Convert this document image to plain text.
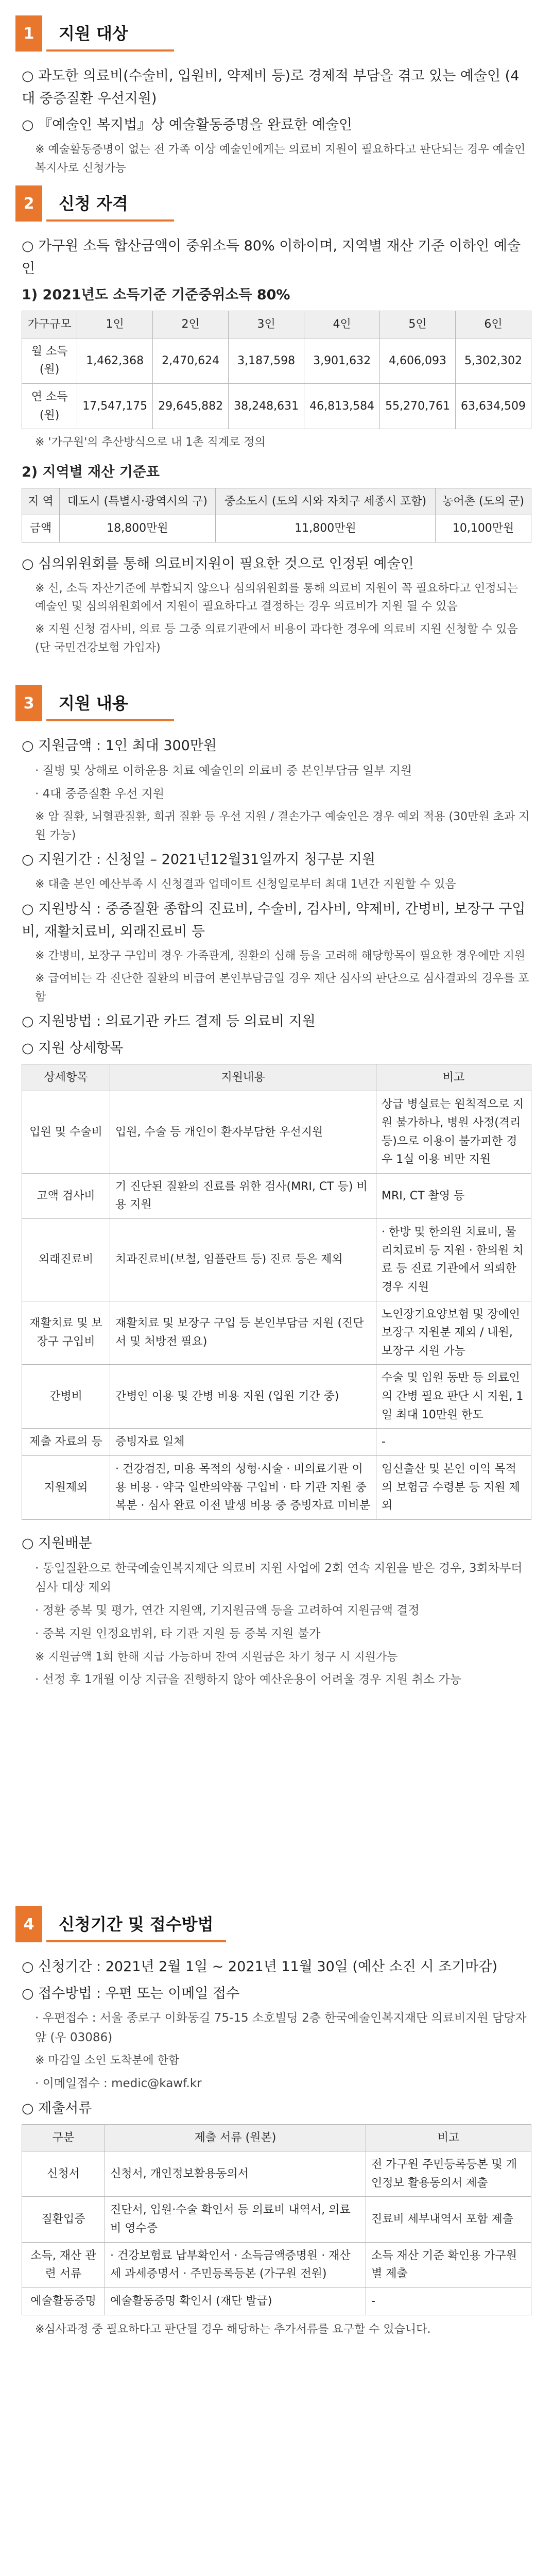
1	지원 대상

○ 과도한 의료비(수술비, 입원비, 약제비 등)로 경제적 부담을 겪고 있는 예술인 (4대 중증질환 우선지원)

○ 『예술인 복지법』상 예술활동증명을 완료한 예술인

※ 예술활동증명이 없는 전 가족 이상 예술인에게는 의료비 지원이 필요하다고 판단되는 경우 예술인복지사로 신청가능

2	신청 자격

○ 가구원 소득 합산금액이 중위소득 80% 이하이며, 지역별 재산 기준 이하인 예술인

1) 2021년도 소득기준 기준중위소득 80%

가구규모	1인	2인	3인	4인	5인	6인
월 소득(원)	1,462,368	2,470,624	3,187,598	3,901,632	4,606,093	5,302,302
연 소득(원)	17,547,175	29,645,882	38,248,631	46,813,584	55,270,761	63,634,509

※ '가구원'의 추산방식으로 내 1촌 직계로 정의

2) 지역별 재산 기준표

지 역	대도시 (특별시·광역시의 구)	중소도시 (도의 시와 자치구 세종시 포함)	농어촌 (도의 군)
금액	18,800만원	11,800만원	10,100만원

○ 심의위원회를 통해 의료비지원이 필요한 것으로 인정된 예술인

※ 신, 소득 자산기준에 부합되지 않으나 심의위원회를 통해 의료비 지원이 꼭 필요하다고 인정되는 예술인 및 심의위원회에서 지원이 필요하다고 결정하는 경우 의료비가 지원 될 수 있음

※ 지원 신청 검사비, 의료 등 그중 의료기관에서 비용이 과다한 경우에 의료비 지원 신청할 수 있음 (단 국민건강보험 가입자)

3	지원 내용

○ 지원금액 : 1인 최대 300만원

· 질병 및 상해로 이하운용 치료 예술인의 의료비 중 본인부담금 일부 지원

· 4대 중증질환 우선 지원

※ 암 질환, 뇌혈관질환, 희귀 질환 등 우선 지원 / 결손가구 예술인은 경우 예외 적용 (30만원 초과 지원 가능)

○ 지원기간 : 신청일 – 2021년12월31일까지 청구분 지원

※ 대출 본인 예산부족 시 신청결과 업데이트 신청일로부터 최대 1년간 지원할 수 있음

○ 지원방식 : 중증질환 종합의 진료비, 수술비, 검사비, 약제비, 간병비, 보장구 구입비, 재활치료비, 외래진료비 등

※ 간병비, 보장구 구입비 경우 가족관계, 질환의 심해 등을 고려해 해당항목이 필요한 경우에만 지원

※ 급여비는 각 진단한 질환의 비급여 본인부담금일 경우 재단 심사의 판단으로 심사결과의 경우를 포함

○ 지원방법 : 의료기관 카드 결제 등 의료비 지원

○ 지원 상세항목

상세항목	지원내용	비고
입원 및 수술비	입원, 수술 등 개인이 환자부담한 우선지원	상급 병실료는 원칙적으로 지원 불가하나, 병원 사정(격리 등)으로 이용이 불가피한 경우 1실 이용 비만 지원
고액 검사비	기 진단된 질환의 진료를 위한 검사(MRI, CT 등) 비용 지원	MRI, CT 촬영 등
외래진료비	치과진료비(보철, 임플란트 등) 진료 등은 제외	· 한방 및 한의원 치료비, 물리치료비 등 지원 · 한의원 치료 등 진료 기관에서 의뢰한 경우 지원
재활치료 및 보장구 구입비	재활치료 및 보장구 구입 등 본인부담금 지원 (진단서 및 처방전 필요)	노인장기요양보험 및 장애인보장구 지원분 제외 / 내원, 보장구 지원 가능
간병비	간병인 이용 및 간병 비용 지원 (입원 기간 중)	수술 및 입원 동반 등 의료인의 간병 필요 판단 시 지원, 1일 최대 10만원 한도
제출 자료의 등	증빙자료 일체	-
지원제외	· 건강검진, 미용 목적의 성형·시술 · 비의료기관 이용 비용 · 약국 일반의약품 구입비 · 타 기관 지원 중복분 · 심사 완료 이전 발생 비용 중 증빙자료 미비분	임신출산 및 본인 이익 목적의 보험금 수령분 등 지원 제외

○ 지원배분

· 동일질환으로 한국예술인복지재단 의료비 지원 사업에 2회 연속 지원을 받은 경우, 3회차부터 심사 대상 제외

· 정환 중복 및 평가, 연간 지원액, 기지원금액 등을 고려하여 지원금액 결정

· 중복 지원 인정요범위, 타 기관 지원 등 중복 지원 불가

※ 지원금액 1회 한해 지급 가능하며 잔여 지원금은 차기 청구 시 지원가능

· 선정 후 1개월 이상 지급을 진행하지 않아 예산운용이 어려울 경우 지원 취소 가능

4	신청기간 및 접수방법

○ 신청기간 : 2021년 2월 1일 ~ 2021년 11월 30일 (예산 소진 시 조기마감)

○ 접수방법 : 우편 또는 이메일 접수

· 우편접수 : 서울 종로구 이화동길 75-15 소호빌딩 2층 한국예술인복지재단 의료비지원 담당자 앞 (우 03086)

※ 마감일 소인 도착분에 한함

· 이메일접수 : medic@kawf.kr

○ 제출서류

구분	제출 서류 (원본)	비고
신청서	신청서, 개인정보활용동의서	전 가구원 주민등록등본 및 개인정보 활용동의서 제출
질환입증	진단서, 입원·수술 확인서 등 의료비 내역서, 의료비 영수증	진료비 세부내역서 포함 제출
소득, 재산 관련 서류	· 건강보험료 납부확인서 · 소득금액증명원 · 재산세 과세증명서 · 주민등록등본 (가구원 전원)	소득 재산 기준 확인용 가구원별 제출
예술활동증명	예술활동증명 확인서 (재단 발급)	-

※심사과정 중 필요하다고 판단될 경우 해당하는 추가서류를 요구할 수 있습니다.
